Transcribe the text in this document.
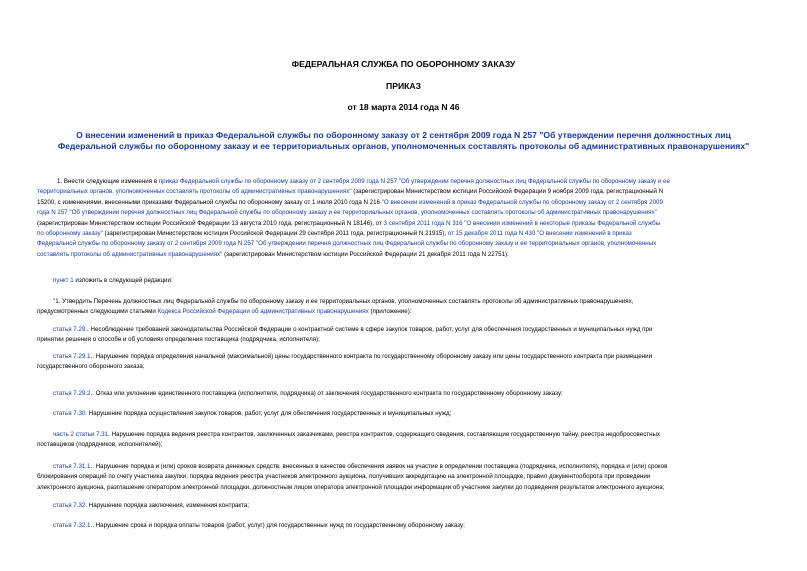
ФЕДЕРАЛЬНАЯ СЛУЖБА ПО ОБОРОННОМУ ЗАКАЗУ
ПРИКАЗ
от 18 марта 2014 года N 46
О внесении изменений в приказ Федеральной службы по оборонному заказу от 2 сентября 2009 года N 257 "Об утверждении перечня должностных лиц
Федеральной службы по оборонному заказу и ее территориальных органов, уполномоченных составлять протоколы об административных правонарушениях"
1. Внести следующие изменения в приказ Федеральной службы по оборонному заказу от 2 сентября 2009 года N 257 "Об утверждении перечня должностных лиц Федеральной службы по оборонному заказу и ее
территориальных органов, уполномоченных составлять протоколы об административных правонарушениях" (зарегистрирован Министерством юстиции Российской Федерации 9 ноября 2009 года, регистрационный N
15200, с изменениями, внесенными приказами Федеральной службы по оборонному заказу от 1 июля 2010 года N 216 "О внесении изменений в приказ Федеральной службы по оборонному заказу от 2 сентября 2009
года N 257 "Об утверждении перечня должностных лиц Федеральной службы по оборонному заказу и ее территориальных органов, уполномоченных составлять протоколы об административных правонарушениях"
(зарегистрирован Министерством юстиции Российской Федерации 13 августа 2010 года, регистрационный N 18146), от 3 сентября 2011 года N 316 "О внесении изменений в некоторые приказы Федеральной службы
по оборонному заказу" (зарегистрирован Министерством юстиции Российской Федерации 29 сентября 2011 года, регистрационный N 21915), от 15 декабря 2011 года N 430 "О внесении изменений в приказ
Федеральной службы по оборонному заказу от 2 сентября 2009 года N 257 "Об утверждении перечня должностных лиц Федеральной службы по оборонному заказу и ее территориальных органов, уполномоченных
составлять протоколы об административных правонарушениях" (зарегистрирован Министерством юстиции Российской Федерации 21 декабря 2011 года N 22751):
пункт 1 изложить в следующей редакции:
"1. Утвердить Перечень должностных лиц Федеральной службы по оборонному заказу и ее территориальных органов, уполномоченных составлять протоколы об административных правонарушениях,
предусмотренных следующими статьями Кодекса Российской Федерации об административных правонарушениях (приложение):
статья 7.29.. Несоблюдение требований законодательства Российской Федерации о контрактной системе в сфере закупок товаров, работ, услуг для обеспечения государственных и муниципальных нужд при
принятии решения о способе и об условиях определения поставщика (подрядчика, исполнителя);
статья 7.29.1.. Нарушение порядка определения начальной (максимальной) цены государственного контракта по государственному оборонному заказу или цены государственного контракта при размещении
государственного оборонного заказа;
статья 7.29.2.. Отказ или уклонение единственного поставщика (исполнителя, подрядчика) от заключения государственного контракта по государственному оборонному заказу;
статья 7.30. Нарушение порядка осуществления закупок товаров, работ, услуг для обеспечения государственных и муниципальных нужд;
часть 2 статьи 7.31. Нарушение порядка ведения реестра контрактов, заключенных заказчиками, реестра контрактов, содержащего сведения, составляющие государственную тайну, реестра недобросовестных
поставщиков (подрядчиков, исполнителей);
статья 7.31.1.. Нарушение порядка и (или) сроков возврата денежных средств, внесенных в качестве обеспечения заявок на участие в определении поставщика (подрядчика, исполнителя), порядка и (или) сроков
блокирования операций по счету участника закупки, порядка ведения реестра участников электронного аукциона, получивших аккредитацию на электронной площадке, правил документооборота при проведении
электронного аукциона, разглашение оператором электронной площадки, должностным лицом оператора электронной площадки информации об участнике закупки до подведения результатов электронного аукциона;
статья 7.32. Нарушение порядка заключения, изменения контракта;
статья 7.32.1.. Нарушение срока и порядка оплаты товаров (работ, услуг) для государственных нужд по государственному оборонному заказу;
